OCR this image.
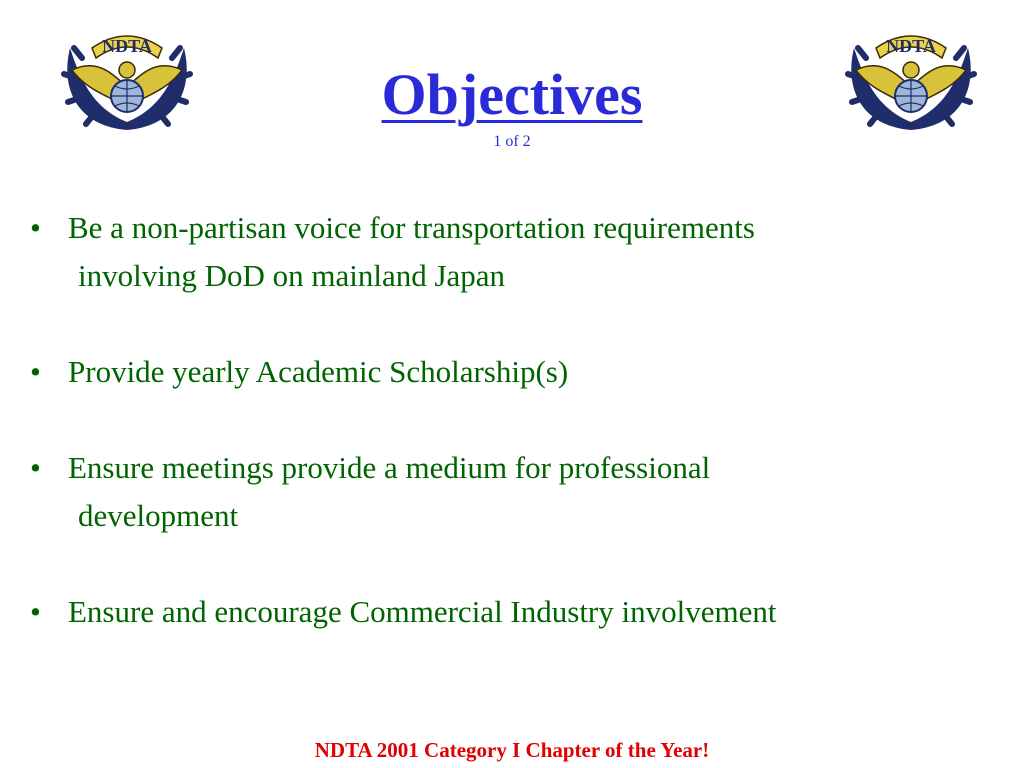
NDTA	NDTA
Objectives
1 of 2
• Be a non-partisan voice for transportation requirements
involving DoD on mainland Japan
• Provide yearly Academic Scholarship(s)
• Ensure meetings provide a medium for professional
development
• Ensure and encourage Commercial Industry involvement
NDTA 2001 Category I Chapter of the Year!
